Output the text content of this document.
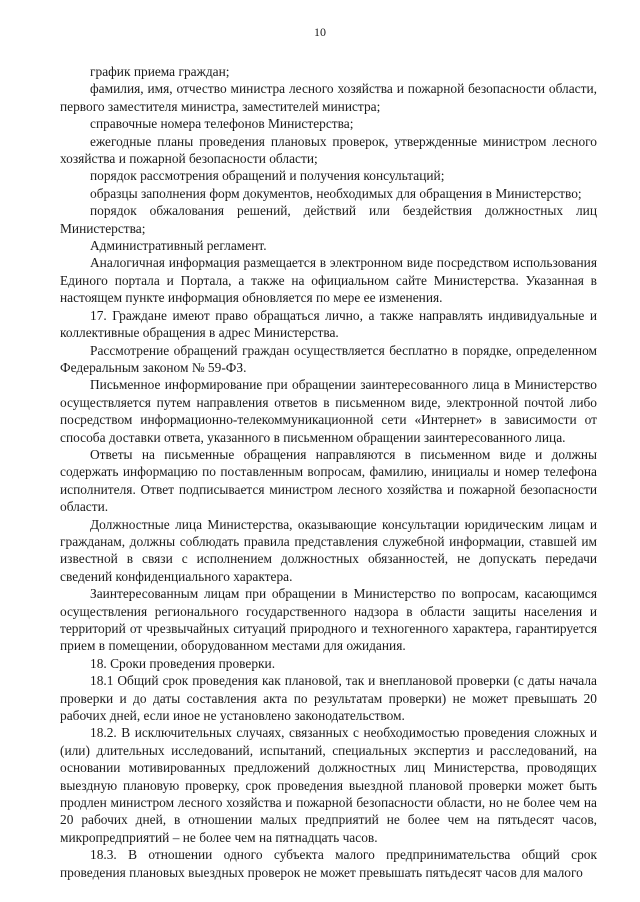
10

график приема граждан;

фамилия, имя, отчество министра лесного хозяйства и пожарной безопасности области, первого заместителя министра, заместителей министра;

справочные номера телефонов Министерства;

ежегодные планы проведения плановых проверок, утвержденные министром лесного хозяйства и пожарной безопасности области;

порядок рассмотрения обращений и получения консультаций;

образцы заполнения форм документов, необходимых для обращения в Министерство;

порядок обжалования решений, действий или бездействия должностных лиц Министерства;

Административный регламент.

Аналогичная информация размещается в электронном виде посредством использования Единого портала и Портала, а также на официальном сайте Министерства. Указанная в настоящем пункте информация обновляется по мере ее изменения.

17. Граждане имеют право обращаться лично, а также направлять индивидуальные и коллективные обращения в адрес Министерства.

Рассмотрение обращений граждан осуществляется бесплатно в порядке, определенном Федеральным законом № 59-ФЗ.

Письменное информирование при обращении заинтересованного лица в Министерство осуществляется путем направления ответов в письменном виде, электронной почтой либо посредством информационно-телекоммуникационной сети «Интернет» в зависимости от способа доставки ответа, указанного в письменном обращении заинтересованного лица.

Ответы на письменные обращения направляются в письменном виде и должны содержать информацию по поставленным вопросам, фамилию, инициалы и номер телефона исполнителя. Ответ подписывается министром лесного хозяйства и пожарной безопасности области.

Должностные лица Министерства, оказывающие консультации юридическим лицам и гражданам, должны соблюдать правила представления служебной информации, ставшей им известной в связи с исполнением должностных обязанностей, не допускать передачи сведений конфиденциального характера.

Заинтересованным лицам при обращении в Министерство по вопросам, касающимся осуществления регионального государственного надзора в области защиты населения и территорий от чрезвычайных ситуаций природного и техногенного характера, гарантируется прием в помещении, оборудованном местами для ожидания.

18. Сроки проведения проверки.

18.1 Общий срок проведения как плановой, так и внеплановой проверки (с даты начала проверки и до даты составления акта по результатам проверки) не может превышать 20 рабочих дней, если иное не установлено законодательством.

18.2. В исключительных случаях, связанных с необходимостью проведения сложных и (или) длительных исследований, испытаний, специальных экспертиз и расследований, на основании мотивированных предложений должностных лиц Министерства, проводящих выездную плановую проверку, срок проведения выездной плановой проверки может быть продлен министром лесного хозяйства и пожарной безопасности области, но не более чем на 20 рабочих дней, в отношении малых предприятий не более чем на пятьдесят часов, микропредприятий – не более чем на пятнадцать часов.

18.3. В отношении одного субъекта малого предпринимательства общий срок проведения плановых выездных проверок не может превышать пятьдесят часов для малого
